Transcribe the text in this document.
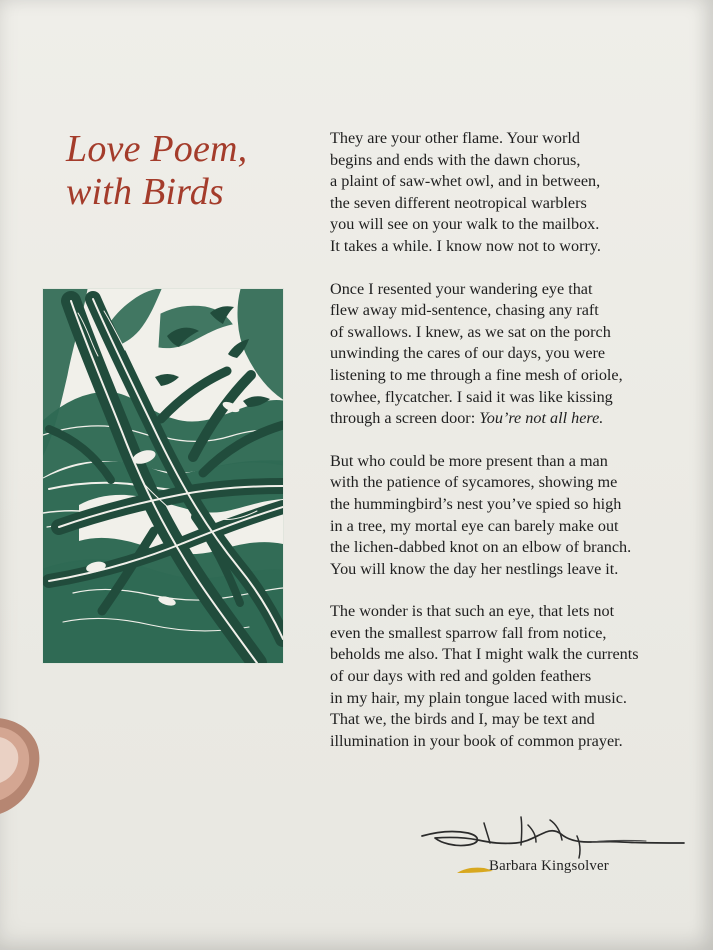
Love Poem,
with Birds
They are your other flame. Your world
begins and ends with the dawn chorus,
a plaint of saw-whet owl, and in between,
the seven different neotropical warblers
you will see on your walk to the mailbox.
It takes a while. I know now not to worry.
Once I resented your wandering eye that
flew away mid-sentence, chasing any raft
of swallows. I knew, as we sat on the porch
unwinding the cares of our days, you were
listening to me through a fine mesh of oriole,
towhee, flycatcher. I said it was like kissing
through a screen door: You’re not all here.
But who could be more present than a man
with the patience of sycamores, showing me
the hummingbird’s nest you’ve spied so high
in a tree, my mortal eye can barely make out
the lichen-dabbed knot on an elbow of branch.
You will know the day her nestlings leave it.
The wonder is that such an eye, that lets not
even the smallest sparrow fall from notice,
beholds me also. That I might walk the currents
of our days with red and golden feathers
in my hair, my plain tongue laced with music.
That we, the birds and I, may be text and
illumination in your book of common prayer.
Barbara Kingsolver
